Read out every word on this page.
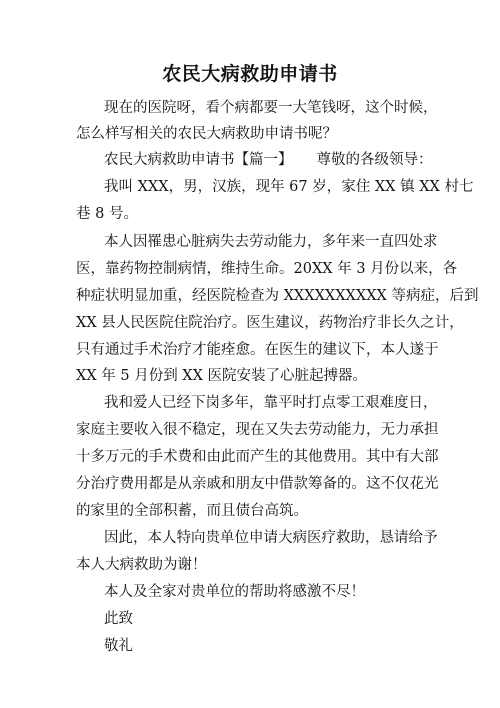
农民大病救助申请书
现在的医院呀，看个病都要一大笔钱呀，这个时候，
怎么样写相关的农民大病救助申请书呢？
农民大病救助申请书【篇一】 尊敬的各级领导：
我叫 XXX，男，汉族，现年 67 岁，家住 XX 镇 XX 村七
巷 8 号。
本人因罹患心脏病失去劳动能力，多年来一直四处求
医，靠药物控制病情，维持生命。20XX 年 3 月份以来，各
种症状明显加重，经医院检查为 XXXXXXXXXX 等病症，后到
XX 县人民医院住院治疗。医生建议，药物治疗非长久之计，
只有通过手术治疗才能痊愈。在医生的建议下，本人遂于
XX 年 5 月份到 XX 医院安装了心脏起搏器。
我和爱人已经下岗多年，靠平时打点零工艰难度日，
家庭主要收入很不稳定，现在又失去劳动能力，无力承担
十多万元的手术费和由此而产生的其他费用。其中有大部
分治疗费用都是从亲戚和朋友中借款筹备的。这不仅花光
的家里的全部积蓄，而且债台高筑。
因此，本人特向贵单位申请大病医疗救助，恳请给予
本人大病救助为谢！
本人及全家对贵单位的帮助将感激不尽！
此致
敬礼
